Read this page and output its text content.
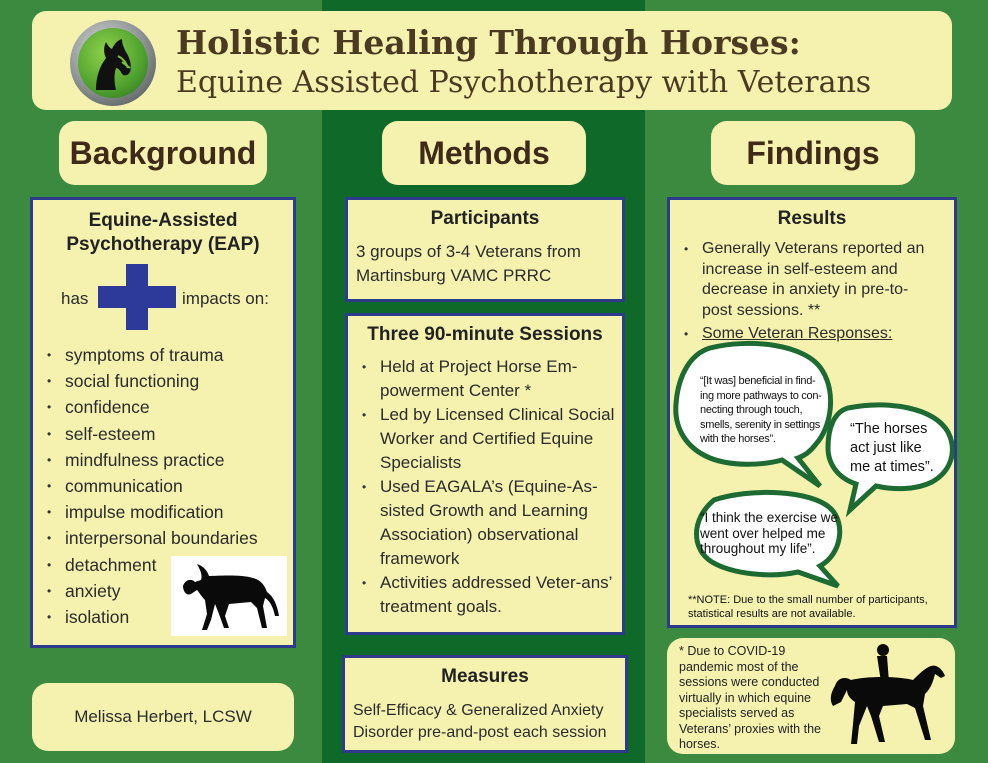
Holistic Healing Through Horses:
Equine Assisted Psychotherapy with Veterans
Background	Methods	Findings
Equine-Assisted Psychotherapy (EAP)
has	impacts on:
• symptoms of trauma
• social functioning
• confidence
• self-esteem
• mindfulness practice
• communication
• impulse modification
• interpersonal boundaries
• detachment
• anxiety
• isolation
Melissa Herbert, LCSW
Participants
3 groups of 3-4 Veterans from Martinsburg VAMC PRRC
Three 90-minute Sessions
• Held at Project Horse Em-powerment Center *
• Led by Licensed Clinical Social Worker and Certified Equine Specialists
• Used EAGALA’s (Equine-As-sisted Growth and Learning Association) observational framework
• Activities addressed Veter-ans’ treatment goals.
Measures
Self-Efficacy & Generalized Anxiety Disorder pre-and-post each session
Results
• Generally Veterans reported an increase in self-esteem and decrease in anxiety in pre-to-post sessions. **
• Some Veteran Responses:
“[It was] beneficial in find-ing more pathways to con-necting through touch, smells, serenity in settings with the horses”.
“The horses act just like me at times”.
“I think the exercise we went over helped me throughout my life”.
**NOTE: Due to the small number of participants, statistical results are not available.
* Due to COVID-19 pandemic most of the sessions were conducted virtually in which equine specialists served as Veterans’ proxies with the horses.
